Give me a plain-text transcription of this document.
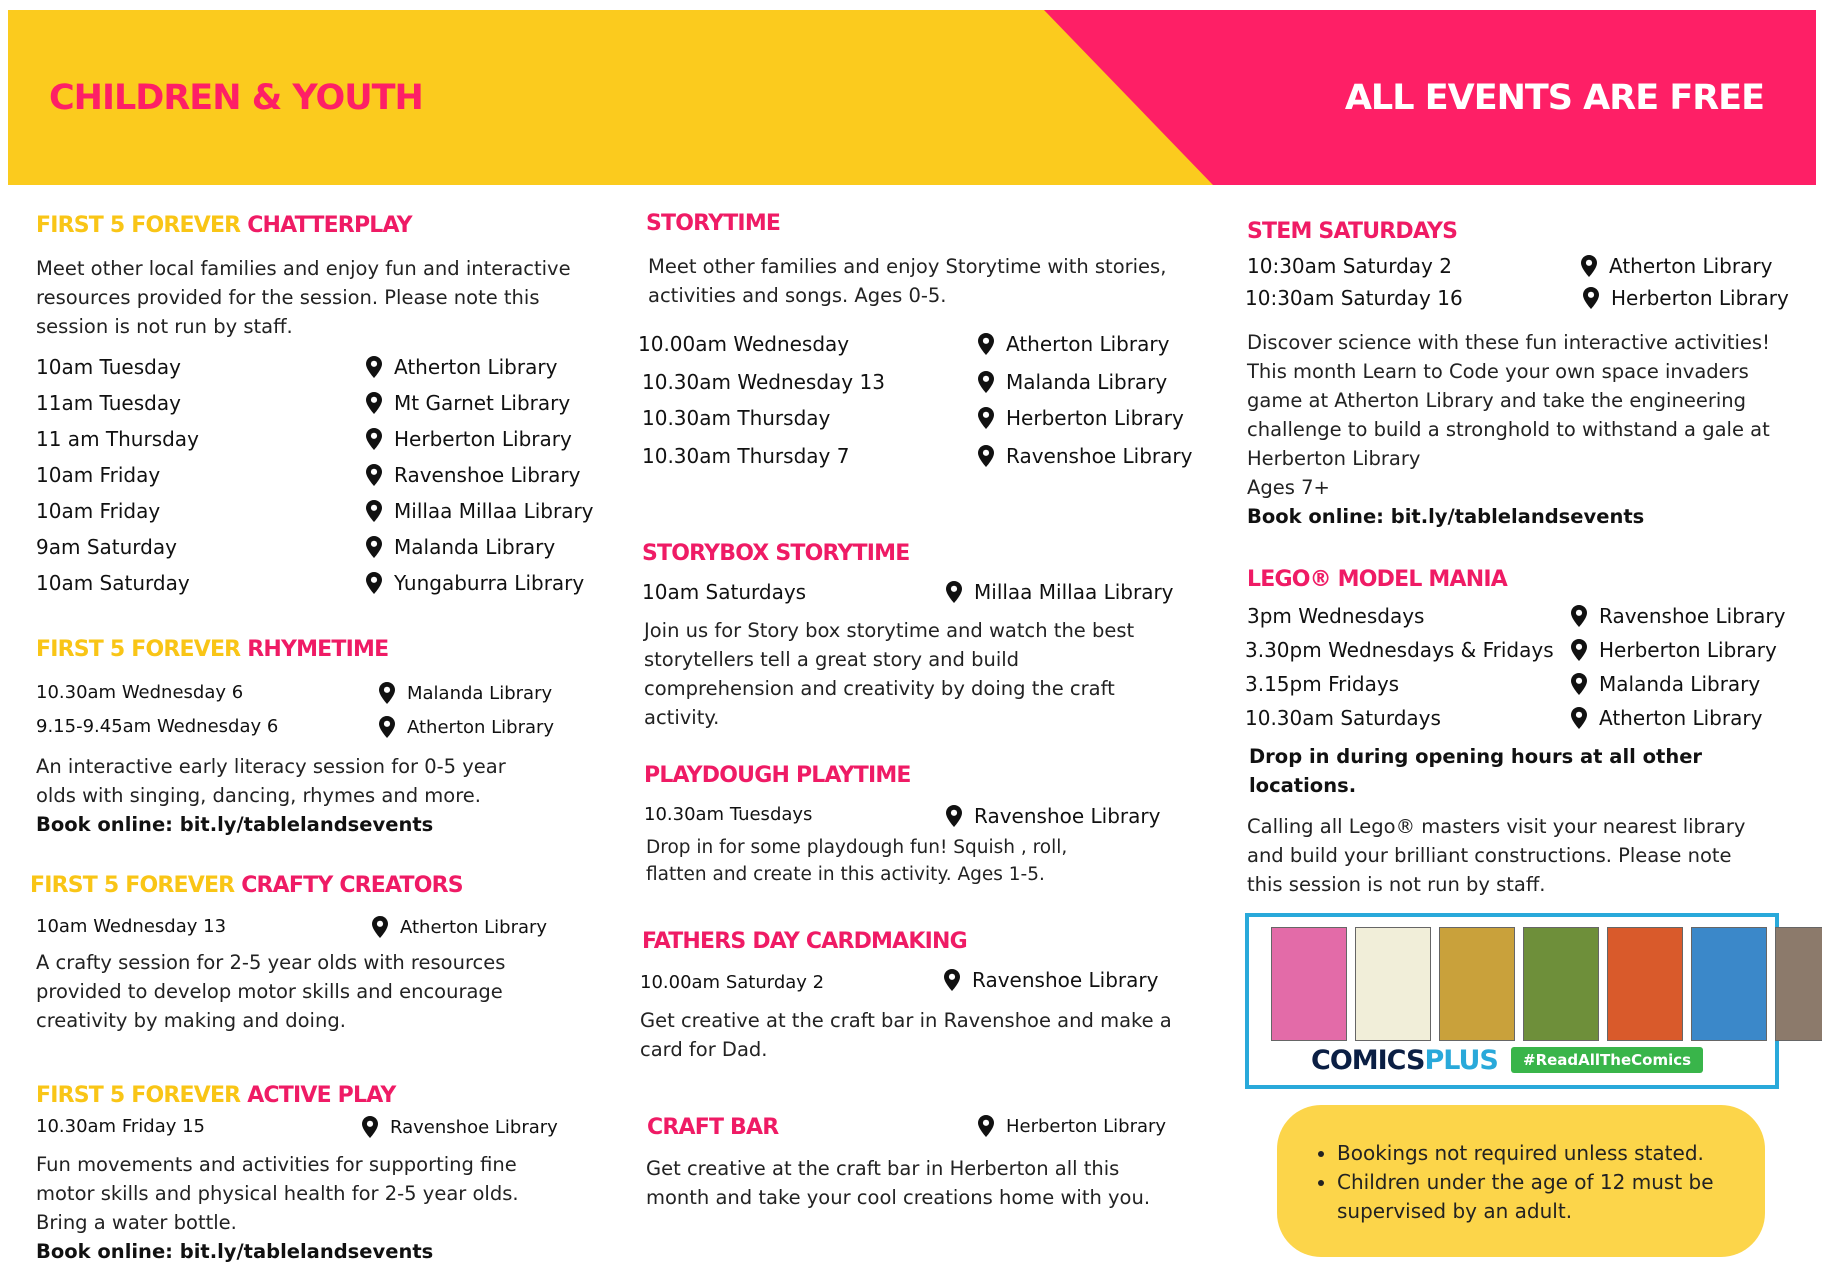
CHILDREN & YOUTH	ALL EVENTS ARE FREE
FIRST 5 FOREVER CHATTERPLAY

Meet other local families and enjoy fun and interactive resources provided for the session. Please note this session is not run by staff.

10am Tuesday	Atherton Library
11am Tuesday	Mt Garnet Library
11 am Thursday	Herberton Library
10am Friday	Ravenshoe Library
10am Friday	Millaa Millaa Library
9am Saturday	Malanda Library
10am Saturday	Yungaburra Library
FIRST 5 FOREVER RHYMETIME
10.30am Wednesday 6	Malanda Library
9.15-9.45am Wednesday 6	Atherton Library

An interactive early literacy session for 0-5 year olds with singing, dancing, rhymes and more.

Book online: bit.ly/tablelandsevents

FIRST 5 FOREVER CRAFTY CREATORS
10am Wednesday 13	Atherton Library

A crafty session for 2-5 year olds with resources provided to develop motor skills and encourage creativity by making and doing.

FIRST 5 FOREVER ACTIVE PLAY
10.30am Friday 15	Ravenshoe Library

Fun movements and activities for supporting fine motor skills and physical health for 2-5 year olds. Bring a water bottle.

Book online: bit.ly/tablelandsevents

STORYTIME

Meet other families and enjoy Storytime with stories, activities and songs. Ages 0-5.

10.00am Wednesday	Atherton Library
10.30am Wednesday 13	Malanda Library
10.30am Thursday	Herberton Library
10.30am Thursday 7	Ravenshoe Library
STORYBOX STORYTIME
10am Saturdays	Millaa Millaa Library

Join us for Story box storytime and watch the best storytellers tell a great story and build comprehension and creativity by doing the craft activity.

PLAYDOUGH PLAYTIME
10.30am Tuesdays	Ravenshoe Library

Drop in for some playdough fun! Squish , roll, flatten and create in this activity. Ages 1-5.

FATHERS DAY CARDMAKING
10.00am Saturday 2	Ravenshoe Library

Get creative at the craft bar in Ravenshoe and make a card for Dad.

CRAFT BAR	Herberton Library

Get creative at the craft bar in Herberton all this month and take your cool creations home with you.

STEM SATURDAYS
10:30am Saturday 2	Atherton Library
10:30am Saturday 16	Herberton Library

Discover science with these fun interactive activities! This month Learn to Code your own space invaders game at Atherton Library and take the engineering challenge to build a stronghold to withstand a gale at Herberton Library

Ages 7+

Book online: bit.ly/tablelandsevents

LEGO® MODEL MANIA
3pm Wednesdays	Ravenshoe Library
3.30pm Wednesdays & Fridays Herberton Library
3.15pm Fridays	Malanda Library
10.30am Saturdays	Atherton Library

Drop in during opening hours at all other locations.

Calling all Lego® masters visit your nearest library and build your brilliant constructions. Please note this session is not run by staff.

COMICSPLUS	#ReadAllTheComics
• Bookings not required unless stated.
• Children under the age of 12 must be supervised by an adult.
